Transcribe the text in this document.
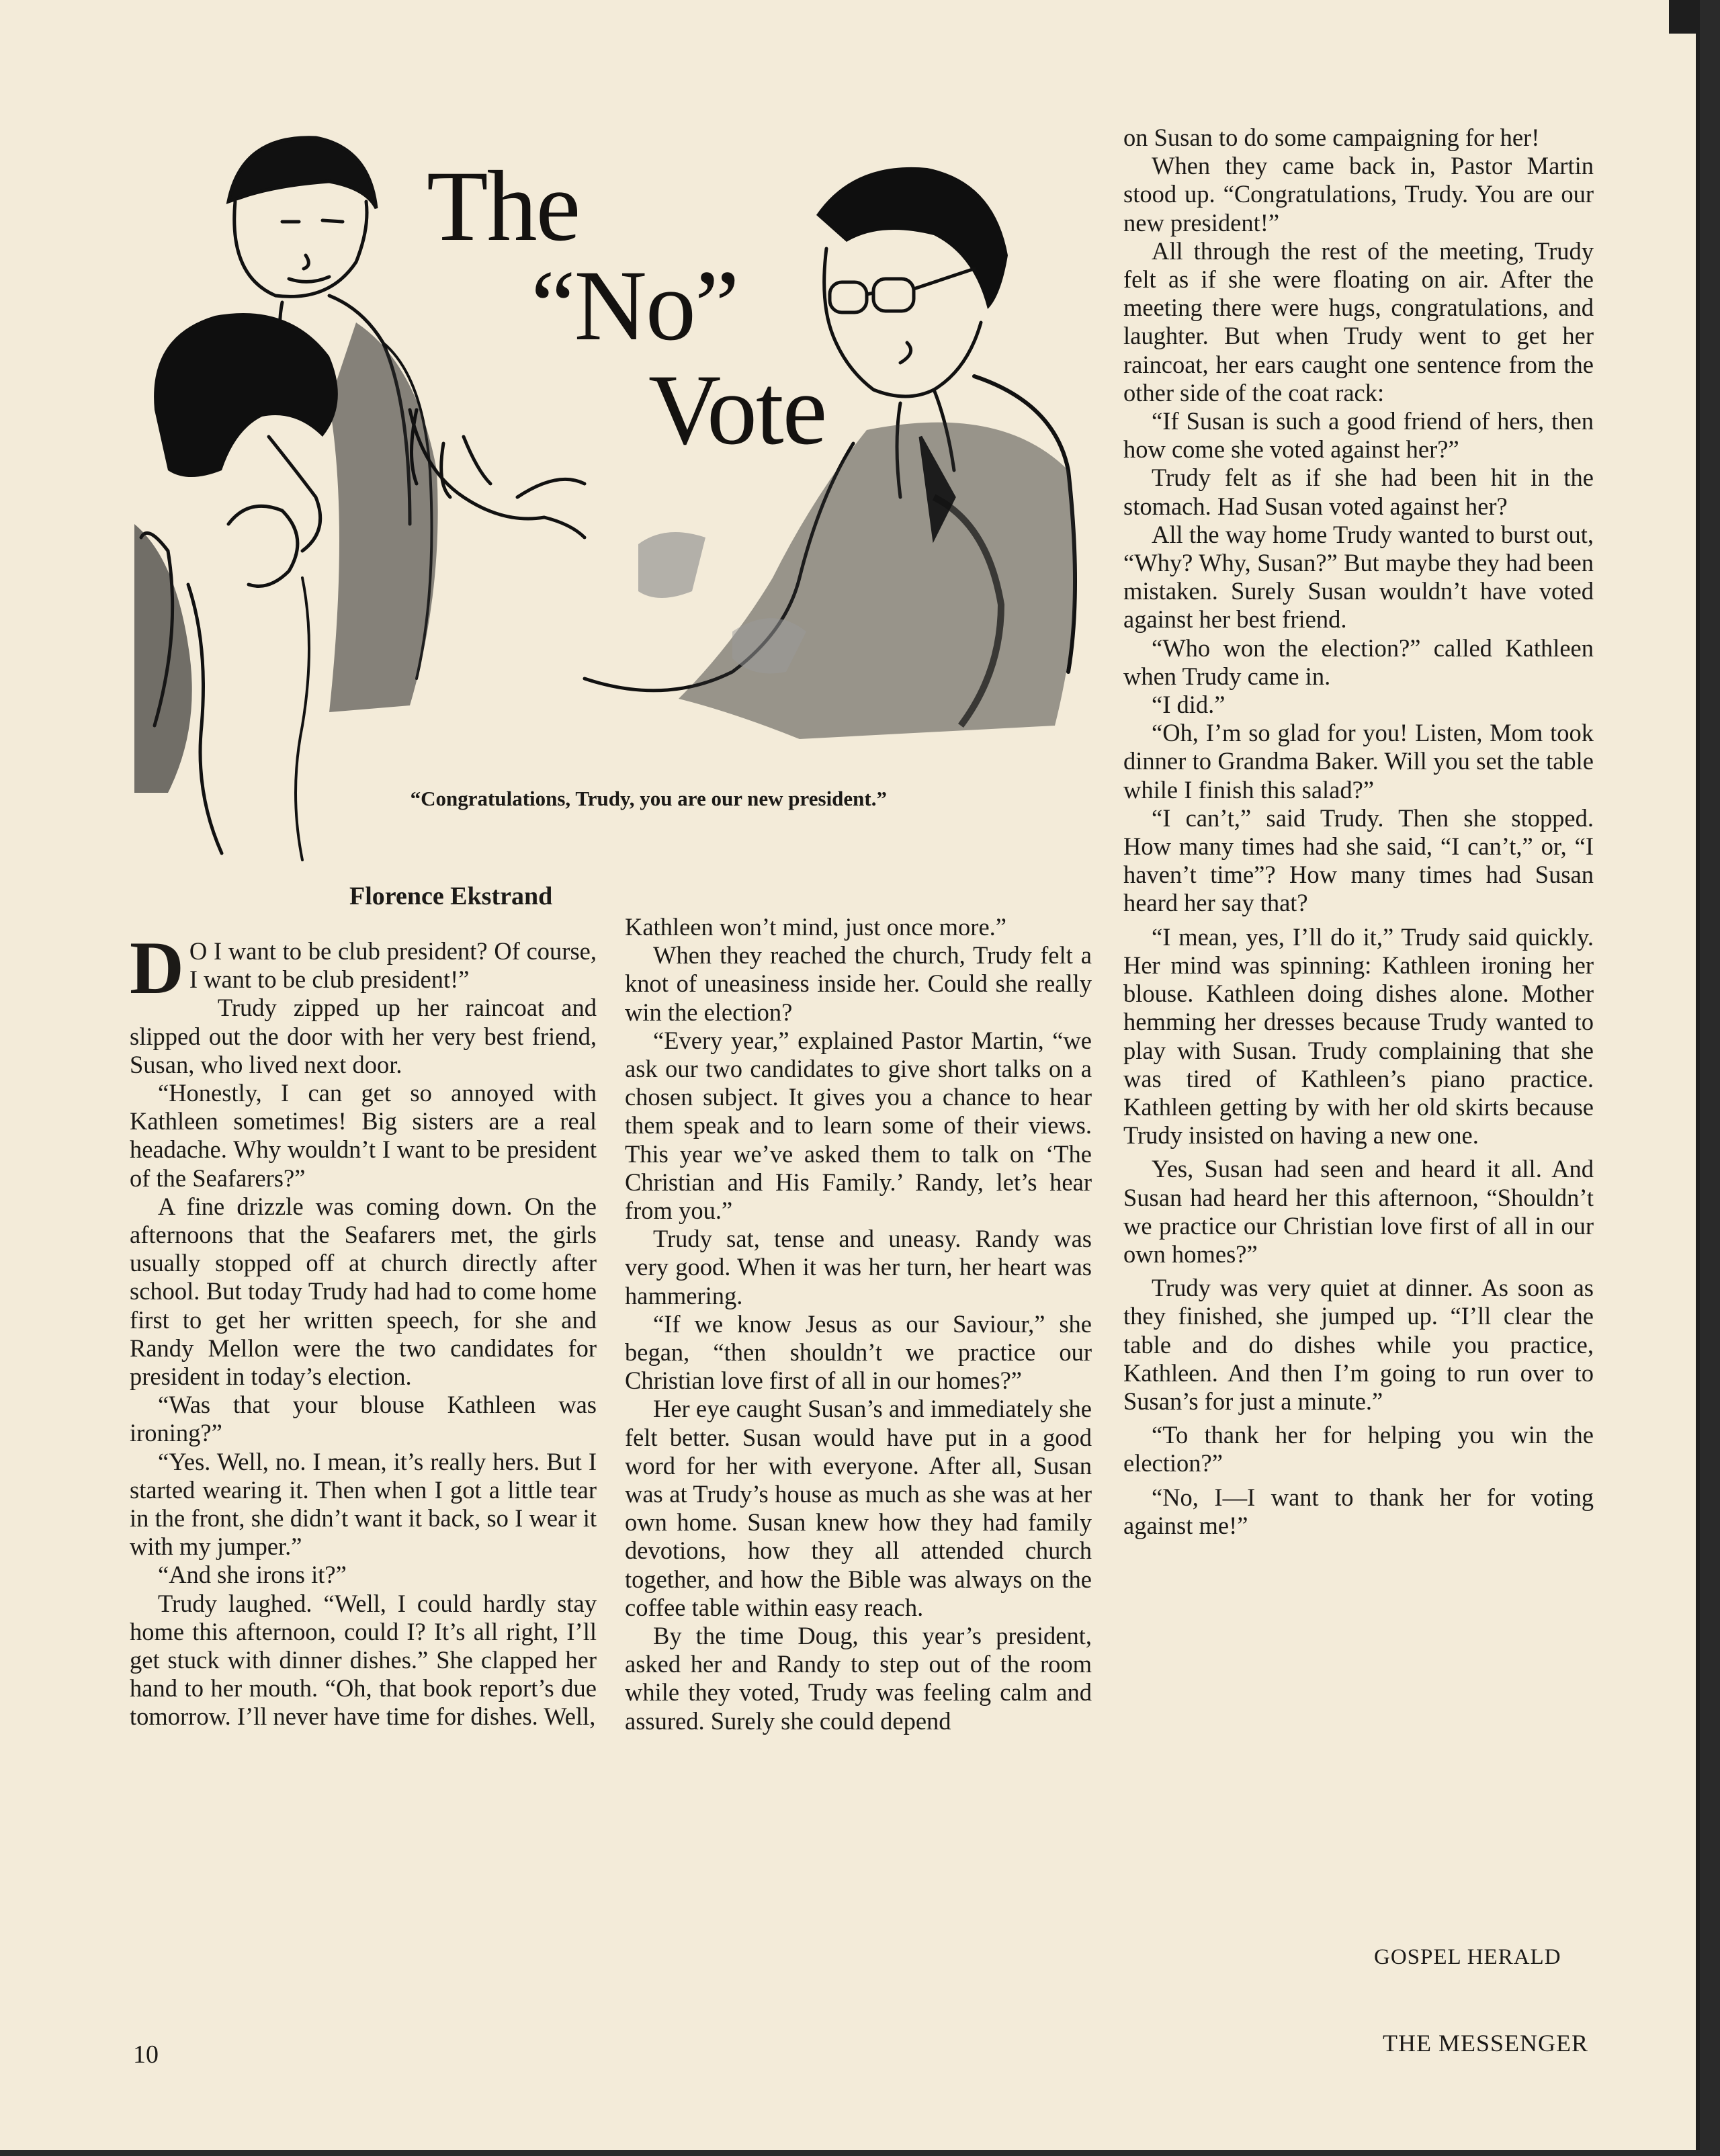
The
“No”
Vote
“Congratulations, Trudy, you are our new president.”
Florence Ekstrand

D O I want to be club president? Of course, I want to be club president!”

Trudy zipped up her raincoat and slipped out the door with her very best friend, Susan, who lived next door.

“Honestly, I can get so annoyed with Kathleen sometimes! Big sisters are a real headache. Why wouldn’t I want to be president of the Seafarers?”

A fine drizzle was coming down. On the afternoons that the Seafarers met, the girls usually stopped off at church directly after school. But today Trudy had had to come home first to get her written speech, for she and Randy Mellon were the two candidates for president in today’s election.

“Was that your blouse Kathleen was ironing?”

“Yes. Well, no. I mean, it’s really hers. But I started wearing it. Then when I got a little tear in the front, she didn’t want it back, so I wear it with my jumper.”

“And she irons it?”

Trudy laughed. “Well, I could hardly stay home this afternoon, could I? It’s all right, I’ll get stuck with dinner dishes.” She clapped her hand to her mouth. “Oh, that book report’s due tomorrow. I’ll never have time for dishes. Well,

Kathleen won’t mind, just once more.”

When they reached the church, Trudy felt a knot of uneasiness inside her. Could she really win the election?

“Every year,” explained Pastor Martin, “we ask our two candidates to give short talks on a chosen subject. It gives you a chance to hear them speak and to learn some of their views. This year we’ve asked them to talk on ‘The Christian and His Family.’ Randy, let’s hear from you.”

Trudy sat, tense and uneasy. Randy was very good. When it was her turn, her heart was hammering.

“If we know Jesus as our Saviour,” she began, “then shouldn’t we practice our Christian love first of all in our homes?”

Her eye caught Susan’s and immediately she felt better. Susan would have put in a good word for her with everyone. After all, Susan was at Trudy’s house as much as she was at her own home. Susan knew how they had family devotions, how they all attended church together, and how the Bible was always on the coffee table within easy reach.

By the time Doug, this year’s president, asked her and Randy to step out of the room while they voted, Trudy was feeling calm and assured. Surely she could depend

on Susan to do some campaigning for her!

When they came back in, Pastor Martin stood up. “Congratulations, Trudy. You are our new president!”

All through the rest of the meeting, Trudy felt as if she were floating on air. After the meeting there were hugs, congratulations, and laughter. But when Trudy went to get her raincoat, her ears caught one sentence from the other side of the coat rack:

“If Susan is such a good friend of hers, then how come she voted against her?”

Trudy felt as if she had been hit in the stomach. Had Susan voted against her?

All the way home Trudy wanted to burst out, “Why? Why, Susan?” But maybe they had been mistaken. Surely Susan wouldn’t have voted against her best friend.

“Who won the election?” called Kathleen when Trudy came in.

“I did.”

“Oh, I’m so glad for you! Listen, Mom took dinner to Grandma Baker. Will you set the table while I finish this salad?”

“I can’t,” said Trudy. Then she stopped. How many times had she said, “I can’t,” or, “I haven’t time”? How many times had Susan heard her say that?

“I mean, yes, I’ll do it,” Trudy said quickly. Her mind was spinning: Kathleen ironing her blouse. Kathleen doing dishes alone. Mother hemming her dresses because Trudy wanted to play with Susan. Trudy complaining that she was tired of Kathleen’s piano practice. Kathleen getting by with her old skirts because Trudy insisted on having a new one.

Yes, Susan had seen and heard it all. And Susan had heard her this afternoon, “Shouldn’t we practice our Christian love first of all in our own homes?”

Trudy was very quiet at dinner. As soon as they finished, she jumped up. “I’ll clear the table and do dishes while you practice, Kathleen. And then I’m going to run over to Susan’s for just a minute.”

“To thank her for helping you win the election?”

“No, I—I want to thank her for voting against me!”

GOSPEL HERALD
10	THE MESSENGER
